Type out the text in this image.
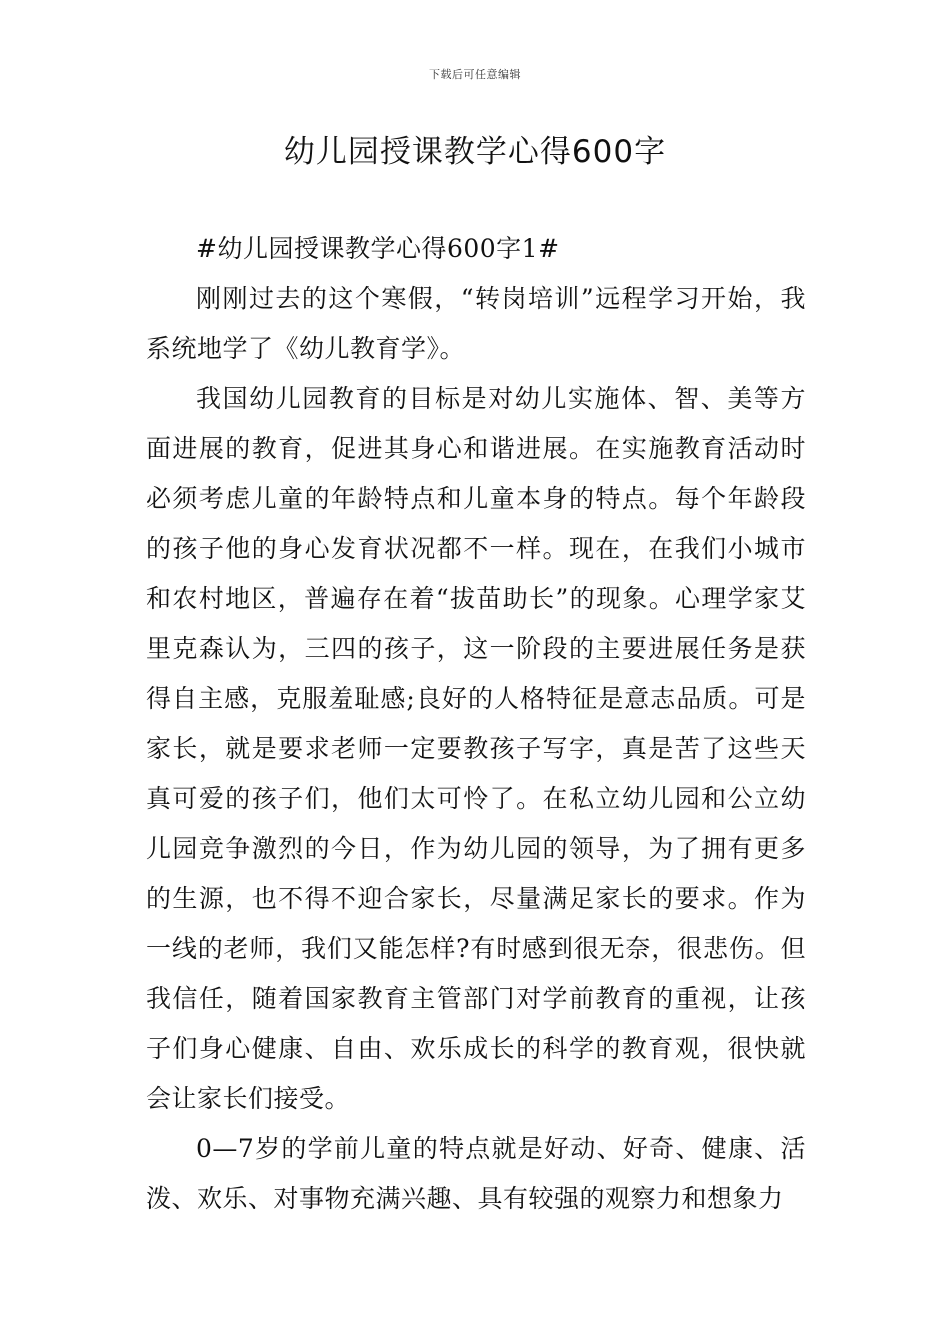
下载后可任意编辑
幼儿园授课教学心得600字

#幼儿园授课教学心得600字1#

刚刚过去的这个寒假，“转岗培训”远程学习开始，我系统地学了《幼儿教育学》。

我国幼儿园教育的目标是对幼儿实施体、智、美等方面进展的教育，促进其身心和谐进展。在实施教育活动时必须考虑儿童的年龄特点和儿童本身的特点。每个年龄段的孩子他的身心发育状况都不一样。现在，在我们小城市和农村地区，普遍存在着“拔苗助长”的现象。心理学家艾里克森认为，三四的孩子，这一阶段的主要进展任务是获得自主感，克服羞耻感;良好的人格特征是意志品质。可是家长，就是要求老师一定要教孩子写字，真是苦了这些天真可爱的孩子们，他们太可怜了。在私立幼儿园和公立幼儿园竞争激烈的今日，作为幼儿园的领导，为了拥有更多的生源，也不得不迎合家长，尽量满足家长的要求。作为一线的老师，我们又能怎样?有时感到很无奈，很悲伤。但我信任，随着国家教育主管部门对学前教育的重视，让孩子们身心健康、自由、欢乐成长的科学的教育观，很快就会让家长们接受。

0—7岁的学前儿童的特点就是好动、好奇、健康、活泼、欢乐、对事物充满兴趣、具有较强的观察力和想象力
